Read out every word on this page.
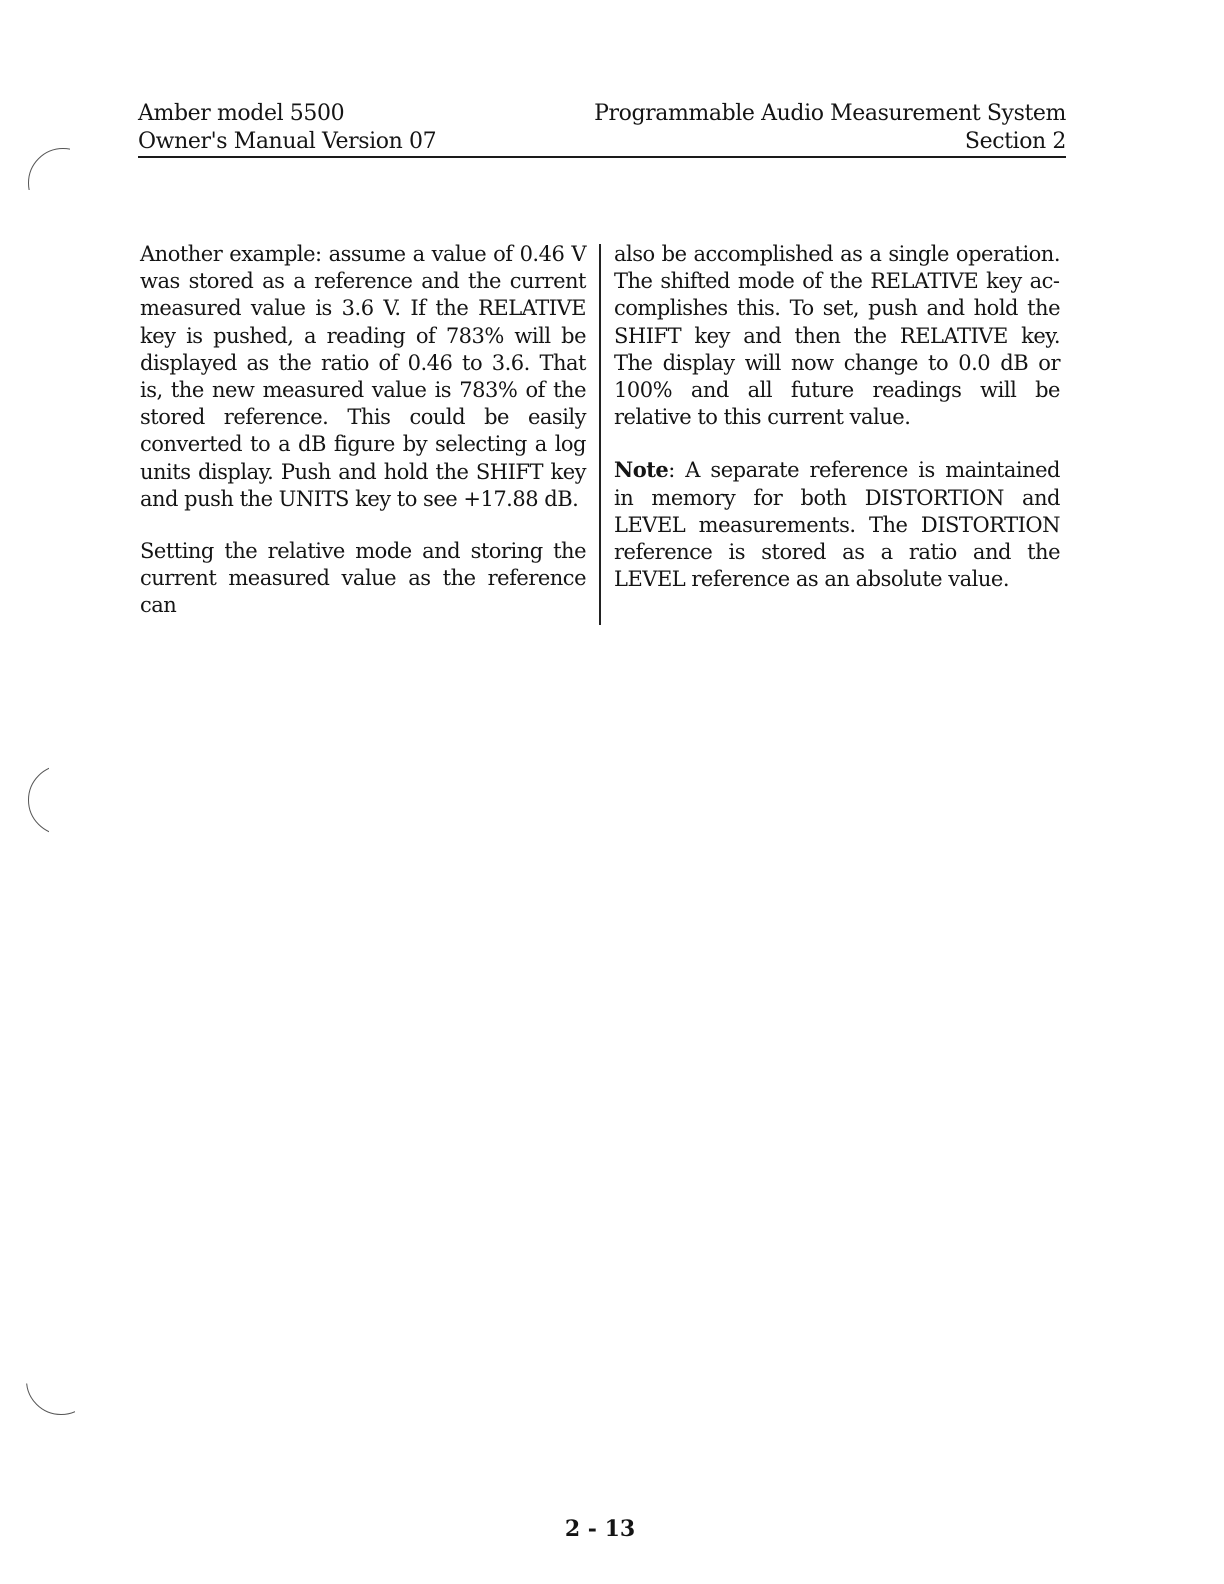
Amber model 5500
Owner's Manual Version 07
Programmable Audio Measurement System
Section 2

Another example: assume a value of 0.46 V was stored as a reference and the current measured value is 3.6 V. If the RELATIVE key is pushed, a reading of 783% will be displayed as the ratio of 0.46 to 3.6. That is, the new measured value is 783% of the stored reference. This could be easily converted to a dB figure by selecting a log units display. Push and hold the SHIFT key and push the UNITS key to see +17.88 dB.

Setting the relative mode and storing the current measured value as the reference can

also be accomplished as a single operation. The shifted mode of the RELATIVE key accomplishes this. To set, push and hold the SHIFT key and then the RELATIVE key. The display will now change to 0.0 dB or 100% and all future readings will be relative to this current value.

Note: A separate reference is maintained in memory for both DISTORTION and LEVEL measurements. The DISTORTION reference is stored as a ratio and the LEVEL reference as an absolute value.

2 - 13
